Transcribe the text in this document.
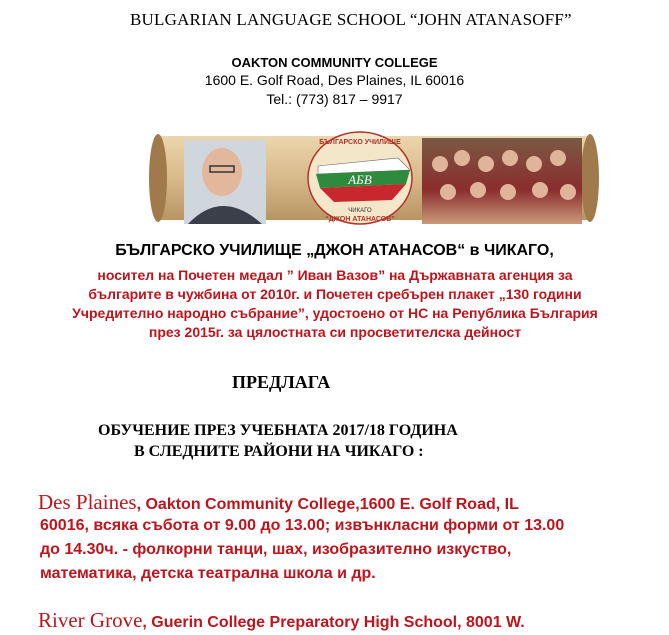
BULGARIAN LANGUAGE SCHOOL “JOHN ATANASOFF”
OAKTON COMMUNITY COLLEGE
1600 E. Golf Road, Des Plaines, IL 60016
Tel.: (773) 817 – 9917
АБВ
БЪЛГАРСКО УЧИЛИЩЕ
ЧИКАГО
“ДЖОН АТАНАСОВ”
БЪЛГАРСКО УЧИЛИЩЕ „ДЖОН АТАНАСОВ“ в ЧИКАГО,
носител на Почетен медал ” Иван Вазов” на Държавната агенция за
българите в чужбина от 2010г. и Почетен сребърен плакет „130 години
Учредително народно събрание”, удостоено от НС на Република България
през 2015г. за цялостната си просветителска дейност
ПРЕДЛАГА
ОБУЧЕНИЕ ПРЕЗ УЧЕБНАТА 2017/18 ГОДИНА
В СЛЕДНИТЕ РАЙОНИ НА ЧИКАГО :
Des Plaines, Oakton Community College,1600 E. Golf Road, IL
60016, всяка събота от 9.00 до 13.00; извънкласни форми от 13.00
до 14.30ч. - фолкорни танци, шах, изобразително изкуство,
математика, детска театрална школа и др.
River Grove, Guerin College Preparatory High School, 8001 W.
